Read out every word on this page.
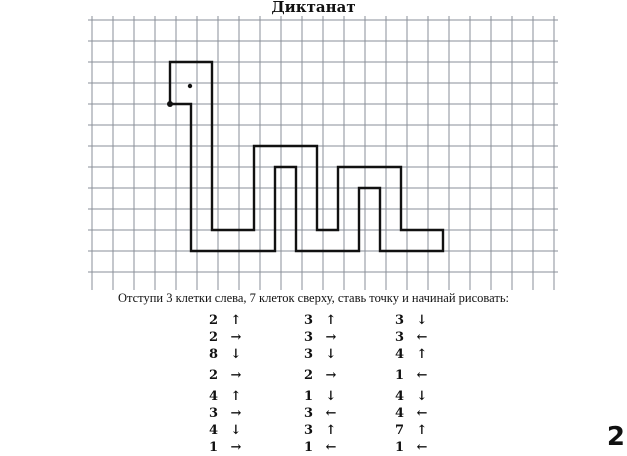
Диктанат
Отступи 3 клетки слева, 7 клеток сверху, ставь точку и начинай рисовать:
2 ↑
2 →
8 ↓
2 →
4 ↑
3 →
4 ↓
1 →
3 ↑
3 →
3 ↓
2 →
1 ↓
3 ←
3 ↑
1 ←
3 ↓
3 ←
4 ↑
1 ←
4 ↓
4 ←
7 ↑
1 ←	2
